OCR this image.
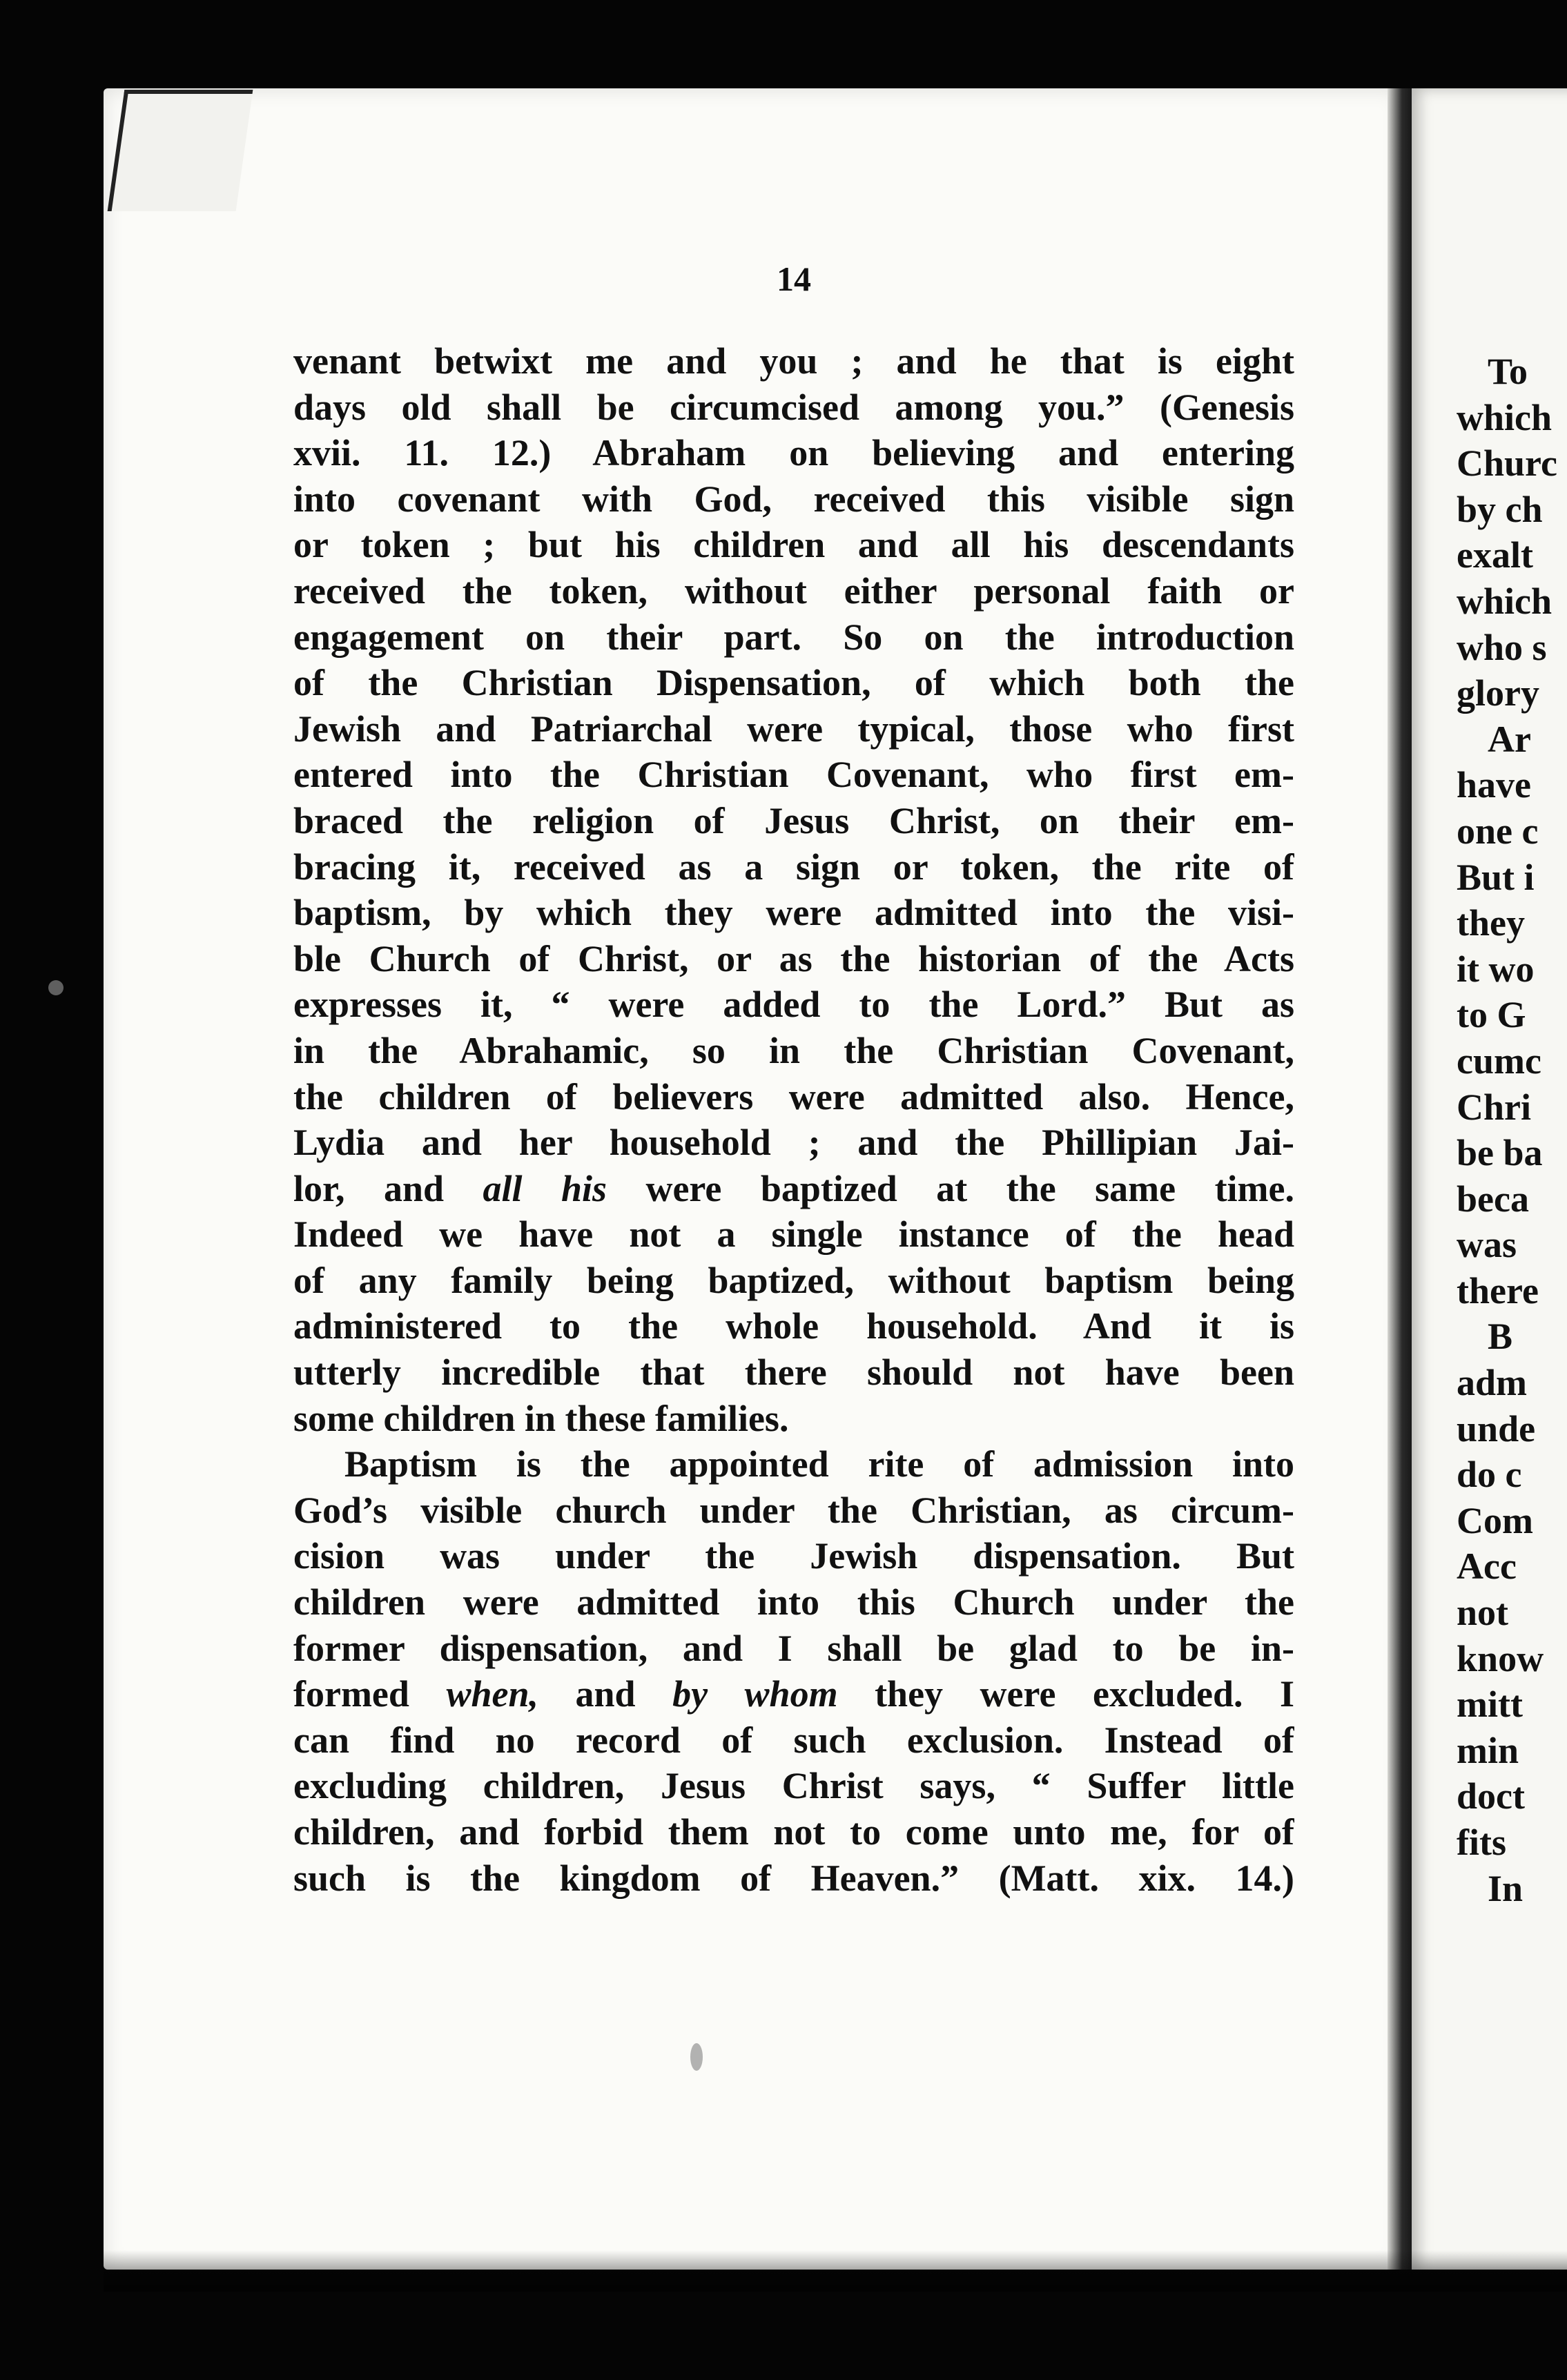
14
venant betwixt me and you ; and he that is eight
days old shall be circumcised among you.” (Genesis
xvii. 11. 12.) Abraham on believing and entering
into covenant with God, received this visible sign
or token ; but his children and all his descendants
received the token, without either personal faith or
engagement on their part. So on the introduction
of the Christian Dispensation, of which both the
Jewish and Patriarchal were typical, those who first
entered into the Christian Covenant, who first em-
braced the religion of Jesus Christ, on their em-
bracing it, received as a sign or token, the rite of
baptism, by which they were admitted into the visi-
ble Church of Christ, or as the historian of the Acts
expresses it, “ were added to the Lord.” But as
in the Abrahamic, so in the Christian Covenant,
the children of believers were admitted also. Hence,
Lydia and her household ; and the Phillipian Jai-
lor, and all his were baptized at the same time.
Indeed we have not a single instance of the head
of any family being baptized, without baptism being
administered to the whole household. And it is
utterly incredible that there should not have been
some children in these families.
Baptism is the appointed rite of admission into
God’s visible church under the Christian, as circum-
cision was under the Jewish dispensation. But
children were admitted into this Church under the
former dispensation, and I shall be glad to be in-
formed when, and by whom they were excluded. I
can find no record of such exclusion. Instead of
excluding children, Jesus Christ says, “ Suffer little
children, and forbid them not to come unto me, for of
such is the kingdom of Heaven.” (Matt. xix. 14.)
To
which
Churc
by ch
exalt
which
who s
glory
Ar
have
one c
But i
they
it wo
to G
cumc
Chri
be ba
beca
was
there
B
adm
unde
do c
Com
Acc
not
know
mitt
min
doct
fits
In
